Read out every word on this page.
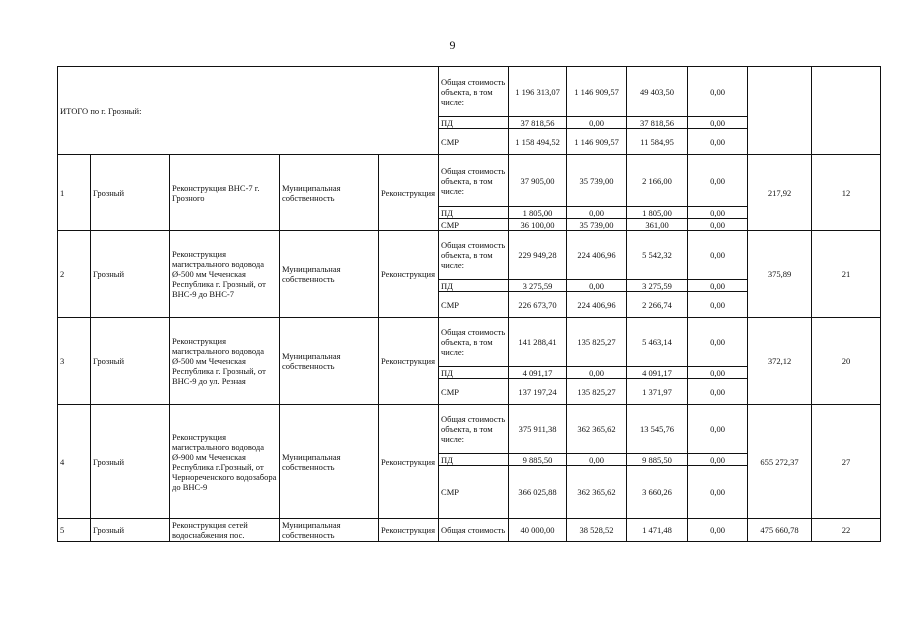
9
ИТОГО по г. Грозный:					Общая стоимость объекта, в том числе:	1 196 313,07	1 146 909,57	49 403,50	0,00		
					ПД	37 818,56	0,00	37 818,56	0,00		
					СМР	1 158 494,52	1 146 909,57	11 584,95	0,00		
1	Грозный	Реконструкция ВНС-7 г. Грозного	Муниципальная собственность	Реконструкция	Общая стоимость объекта, в том числе:	37 905,00	35 739,00	2 166,00	0,00	217,92	12
					ПД	1 805,00	0,00	1 805,00	0,00		
					СМР	36 100,00	35 739,00	361,00	0,00		
2	Грозный	Реконструкция магистрального водовода Ø-500 мм Чеченская Республика г. Грозный, от ВНС-9 до ВНС-7	Муниципальная собственность	Реконструкция	Общая стоимость объекта, в том числе:	229 949,28	224 406,96	5 542,32	0,00	375,89	21
					ПД	3 275,59	0,00	3 275,59	0,00		
					СМР	226 673,70	224 406,96	2 266,74	0,00		
3	Грозный	Реконструкция магистрального водовода Ø-500 мм Чеченская Республика г. Грозный, от ВНС-9 до ул. Резная	Муниципальная собственность	Реконструкция	Общая стоимость объекта, в том числе:	141 288,41	135 825,27	5 463,14	0,00	372,12	20
					ПД	4 091,17	0,00	4 091,17	0,00		
					СМР	137 197,24	135 825,27	1 371,97	0,00		
4	Грозный	Реконструкция магистрального водовода Ø-900 мм Чеченская Республика г.Грозный, от Чернореченского водозабора до ВНС-9	Муниципальная собственность	Реконструкция	Общая стоимость объекта, в том числе:	375 911,38	362 365,62	13 545,76	0,00	655 272,37	27
					ПД	9 885,50	0,00	9 885,50	0,00		
					СМР	366 025,88	362 365,62	3 660,26	0,00		
5	Грозный	Реконструкция сетей водоснабжения пос.	Муниципальная собственность	Реконструкция	Общая стоимость	40 000,00	38 528,52	1 471,48	0,00	475 660,78	22
